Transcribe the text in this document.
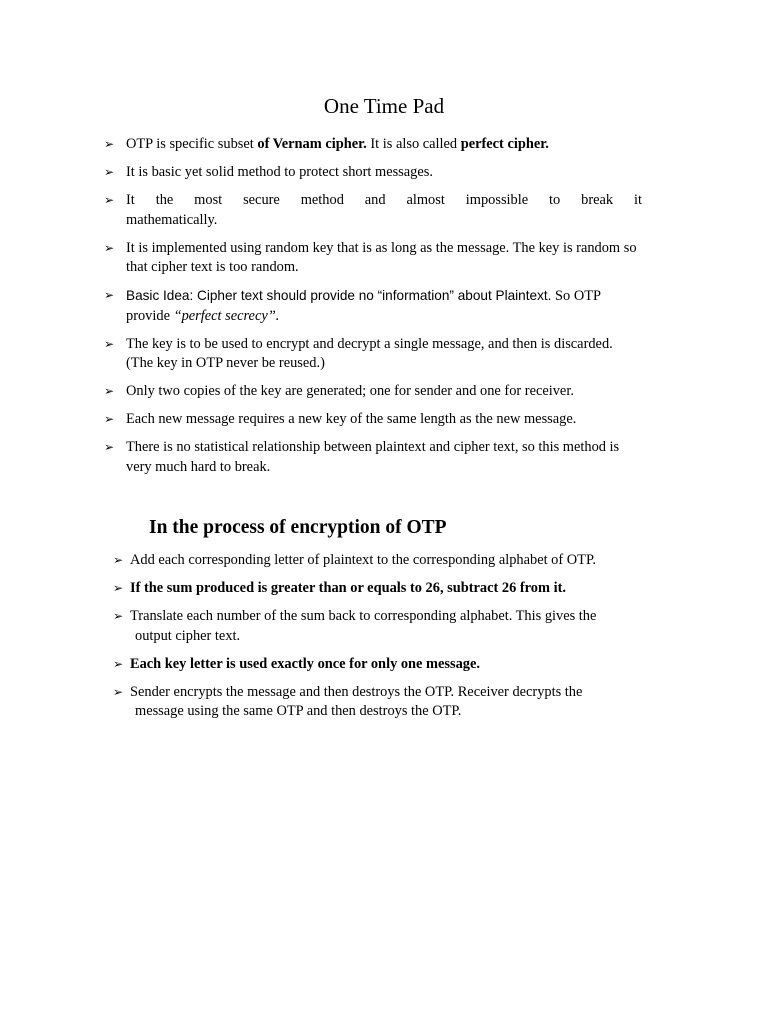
One Time Pad
➢ OTP is specific subset of Vernam cipher. It is also called perfect cipher.
➢ It is basic yet solid method to protect short messages.
➢ It the most secure method and almost impossible to break it
mathematically.
➢ It is implemented using random key that is as long as the message. The key is random so that cipher text is too random.
➢ Basic Idea: Cipher text should provide no “information” about Plaintext. So OTP provide “perfect secrecy”.
➢ The key is to be used to encrypt and decrypt a single message, and then is discarded. (The key in OTP never be reused.)
➢ Only two copies of the key are generated; one for sender and one for receiver.
➢ Each new message requires a new key of the same length as the new message.
➢ There is no statistical relationship between plaintext and cipher text, so this method is very much hard to break.
In the process of encryption of OTP
➢ Add each corresponding letter of plaintext to the corresponding alphabet of OTP.
➢ If the sum produced is greater than or equals to 26, subtract 26 from it.
➢ Translate each number of the sum back to corresponding alphabet. This gives the
output cipher text.
➢ Each key letter is used exactly once for only one message.
➢ Sender encrypts the message and then destroys the OTP. Receiver decrypts the
message using the same OTP and then destroys the OTP.
